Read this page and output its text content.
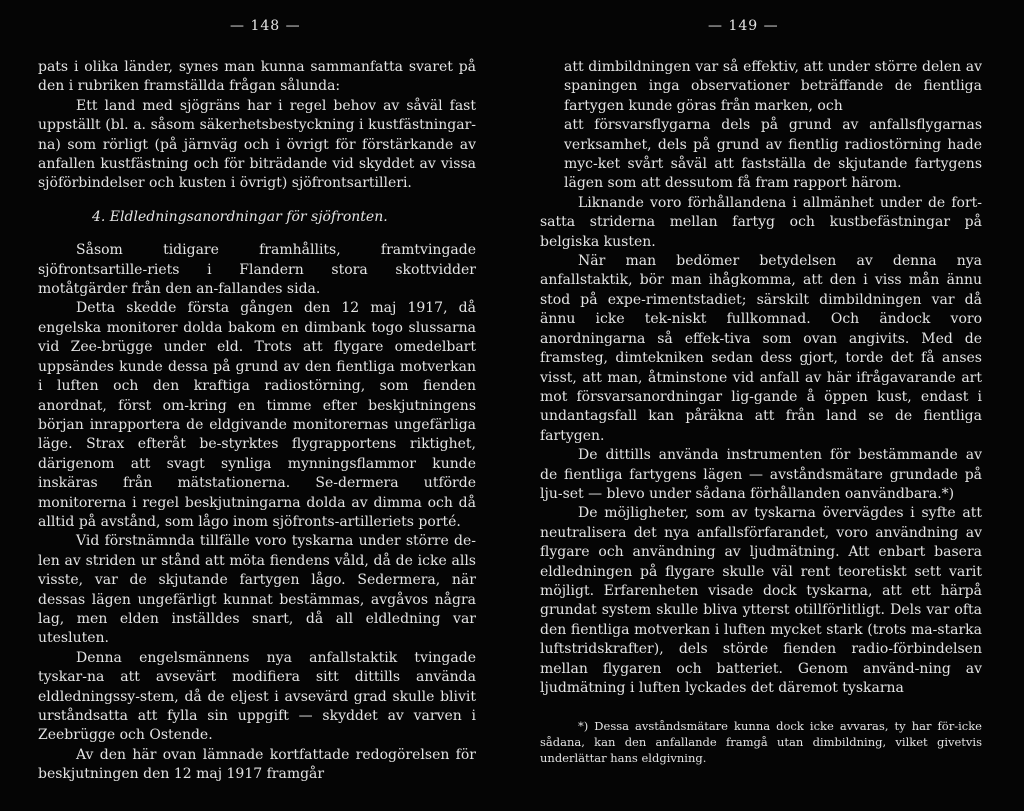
— 148 —

pats i olika länder, synes man kunna sammanfatta svaret på den i rubriken framställda frågan sålunda:

Ett land med sjögräns har i regel behov av såväl fast uppställt (bl. a. såsom säkerhetsbestyckning i kustfästningar-na) som rörligt (på järnväg och i övrigt för förstärkande av anfallen kustfästning och för biträdande vid skyddet av vissa sjöförbindelser och kusten i övrigt) sjöfrontsartilleri.

4. Eldledningsanordningar för sjöfronten.

Såsom tidigare framhållits, framtvingade sjöfrontsartille-riets i Flandern stora skottvidder motåtgärder från den an-fallandes sida.

Detta skedde första gången den 12 maj 1917, då engelska monitorer dolda bakom en dimbank togo slussarna vid Zee-brügge under eld. Trots att flygare omedelbart uppsändes kunde dessa på grund av den fientliga motverkan i luften och den kraftiga radiostörning, som fienden anordnat, först om-kring en timme efter beskjutningens början inrapportera de eldgivande monitorernas ungefärliga läge. Strax efteråt be-styrktes flygrapportens riktighet, därigenom att svagt synliga mynningsflammor kunde inskäras från mätstationerna. Se-dermera utförde monitorerna i regel beskjutningarna dolda av dimma och då alltid på avstånd, som lågo inom sjöfronts-artilleriets porté.

Vid förstnämnda tillfälle voro tyskarna under större de-len av striden ur stånd att möta fiendens våld, då de icke alls visste, var de skjutande fartygen lågo. Sedermera, när dessas lägen ungefärligt kunnat bestämmas, avgåvos några lag, men elden inställdes snart, då all eldledning var utesluten.

Denna engelsmännens nya anfallstaktik tvingade tyskar-na att avsevärt modifiera sitt dittills använda eldledningssy-stem, då de eljest i avsevärd grad skulle blivit urståndsatta att fylla sin uppgift — skyddet av varven i Zeebrügge och Ostende.

Av den här ovan lämnade kortfattade redogörelsen för beskjutningen den 12 maj 1917 framgår

— 149 —

att dimbildningen var så effektiv, att under större delen av spaningen inga observationer beträffande de fientliga fartygen kunde göras från marken, och

att försvarsflygarna dels på grund av anfallsflygarnas verksamhet, dels på grund av fientlig radiostörning hade myc-ket svårt såväl att fastställa de skjutande fartygens lägen som att dessutom få fram rapport härom.

Liknande voro förhållandena i allmänhet under de fort-satta striderna mellan fartyg och kustbefästningar på belgiska kusten.

När man bedömer betydelsen av denna nya anfallstaktik, bör man ihågkomma, att den i viss mån ännu stod på expe-rimentstadiet; särskilt dimbildningen var då ännu icke tek-niskt fullkomnad. Och ändock voro anordningarna så effek-tiva som ovan angivits. Med de framsteg, dimtekniken sedan dess gjort, torde det få anses visst, att man, åtminstone vid anfall av här ifrågavarande art mot försvarsanordningar lig-gande å öppen kust, endast i undantagsfall kan påräkna att från land se de fientliga fartygen.

De dittills använda instrumenten för bestämmande av de fientliga fartygens lägen — avståndsmätare grundade på lju-set — blevo under sådana förhållanden oanvändbara.*)

De möjligheter, som av tyskarna övervägdes i syfte att neutralisera det nya anfallsförfarandet, voro användning av flygare och användning av ljudmätning. Att enbart basera eldledningen på flygare skulle väl rent teoretiskt sett varit möjligt. Erfarenheten visade dock tyskarna, att ett härpå grundat system skulle bliva ytterst otillförlitligt. Dels var ofta den fientliga motverkan i luften mycket stark (trots ma-starka luftstridskrafter), dels störde fienden radio-förbindelsen mellan flygaren och batteriet. Genom använd-ning av ljudmätning i luften lyckades det däremot tyskarna

*) Dessa avståndsmätare kunna dock icke avvaras, ty har för-icke sådana, kan den anfallande framgå utan dimbildning, vilket givetvis underlättar hans eldgivning.
